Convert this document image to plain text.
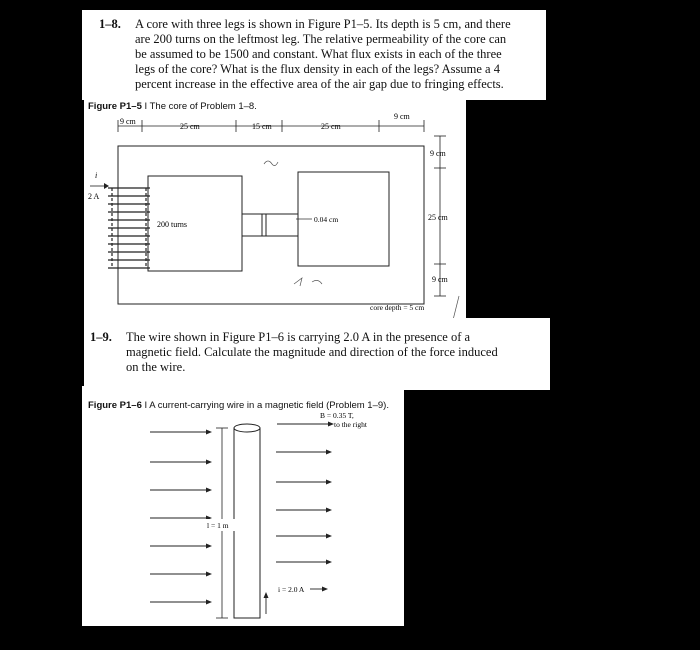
1–8. A core with three legs is shown in Figure P1–5. Its depth is 5 cm, and there
are 200 turns on the leftmost leg. The relative permeability of the core can
be assumed to be 1500 and constant. What flux exists in each of the three
legs of the core? What is the flux density in each of the legs? Assume a 4
percent increase in the effective area of the air gap due to fringing effects.
Figure P1–5 I The core of Problem 1–8.
9 cm
25 cm	15 cm	25 cm
9 cm
0.04 cm
9 cm
25 cm
9 cm
200 turns
i
2 A
core depth = 5 cm
1–9. The wire shown in Figure P1–6 is carrying 2.0 A in the presence of a
magnetic field. Calculate the magnitude and direction of the force induced
on the wire.
Figure P1–6 I A current-carrying wire in a magnetic field (Problem 1–9).
B = 0.35 T,
to the right
l = 1 m
i = 2.0 A
